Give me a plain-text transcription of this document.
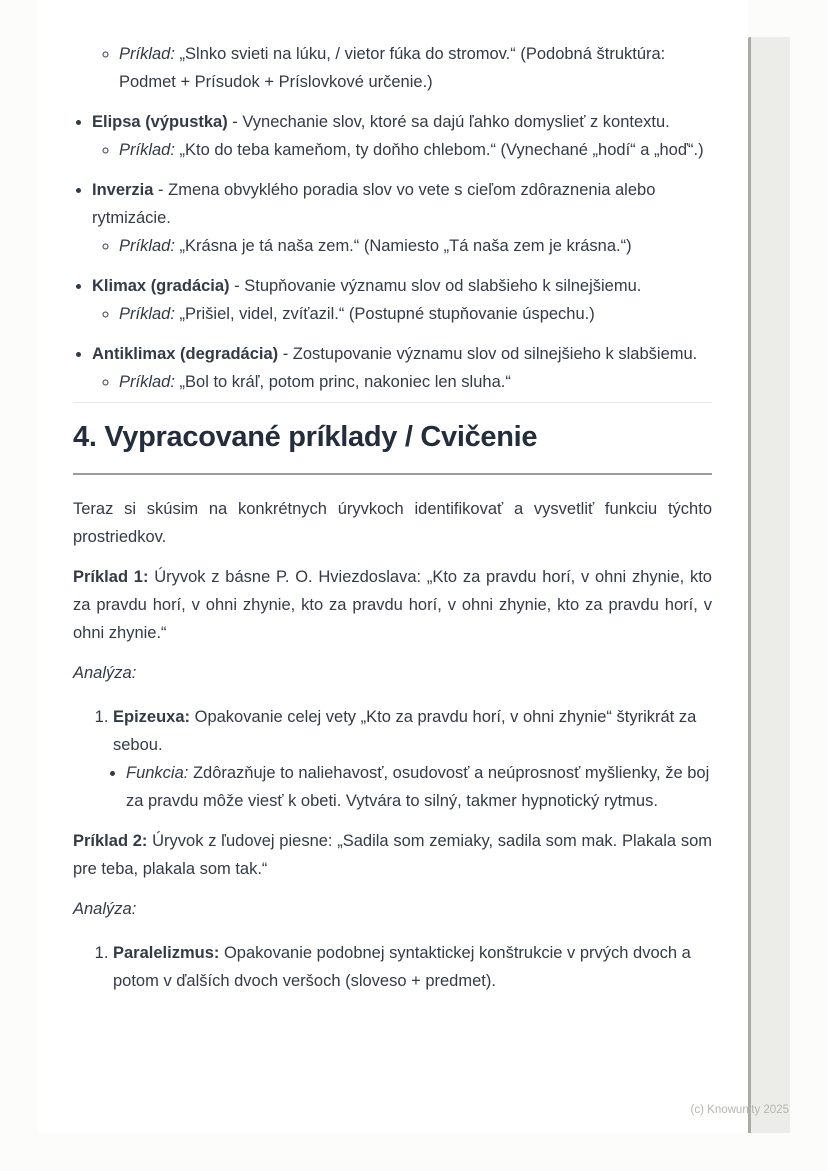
◦ Príklad: „Slnko svieti na lúku, / vietor fúka do stromov.“ (Podobná štruktúra: Podmet + Prísudok + Príslovkové určenie.)
• Elipsa (výpustka) - Vynechanie slov, ktoré sa dajú ľahko domyslieť z kontextu.
◦ Príklad: „Kto do teba kameňom, ty doňho chlebom.“ (Vynechané „hodí“ a „hoď“.)
• Inverzia - Zmena obvyklého poradia slov vo vete s cieľom zdôraznenia alebo rytmizácie.
◦ Príklad: „Krásna je tá naša zem.“ (Namiesto „Tá naša zem je krásna.“)
• Klimax (gradácia) - Stupňovanie významu slov od slabšieho k silnejšiemu.
◦ Príklad: „Prišiel, videl, zvíťazil.“ (Postupné stupňovanie úspechu.)
• Antiklimax (degradácia) - Zostupovanie významu slov od silnejšieho k slabšiemu.
◦ Príklad: „Bol to kráľ, potom princ, nakoniec len sluha.“
4. Vypracované príklady / Cvičenie

Teraz si skúsim na konkrétnych úryvkoch identifikovať a vysvetliť funkciu týchto prostriedkov.

Príklad 1: Úryvok z básne P. O. Hviezdoslava: „Kto za pravdu horí, v ohni zhynie, kto za pravdu horí, v ohni zhynie, kto za pravdu horí, v ohni zhynie, kto za pravdu horí, v ohni zhynie.“

Analýza:

1. Epizeuxa: Opakovanie celej vety „Kto za pravdu horí, v ohni zhynie“ štyrikrát za sebou.
• Funkcia: Zdôrazňuje to naliehavosť, osudovosť a neúprosnosť myšlienky, že boj za pravdu môže viesť k obeti. Vytvára to silný, takmer hypnotický rytmus.

Príklad 2: Úryvok z ľudovej piesne: „Sadila som zemiaky, sadila som mak. Plakala som pre teba, plakala som tak.“

Analýza:

1. Paralelizmus: Opakovanie podobnej syntaktickej konštrukcie v prvých dvoch a potom v ďalších dvoch veršoch (sloveso + predmet).
(c) Knowunity 2025
